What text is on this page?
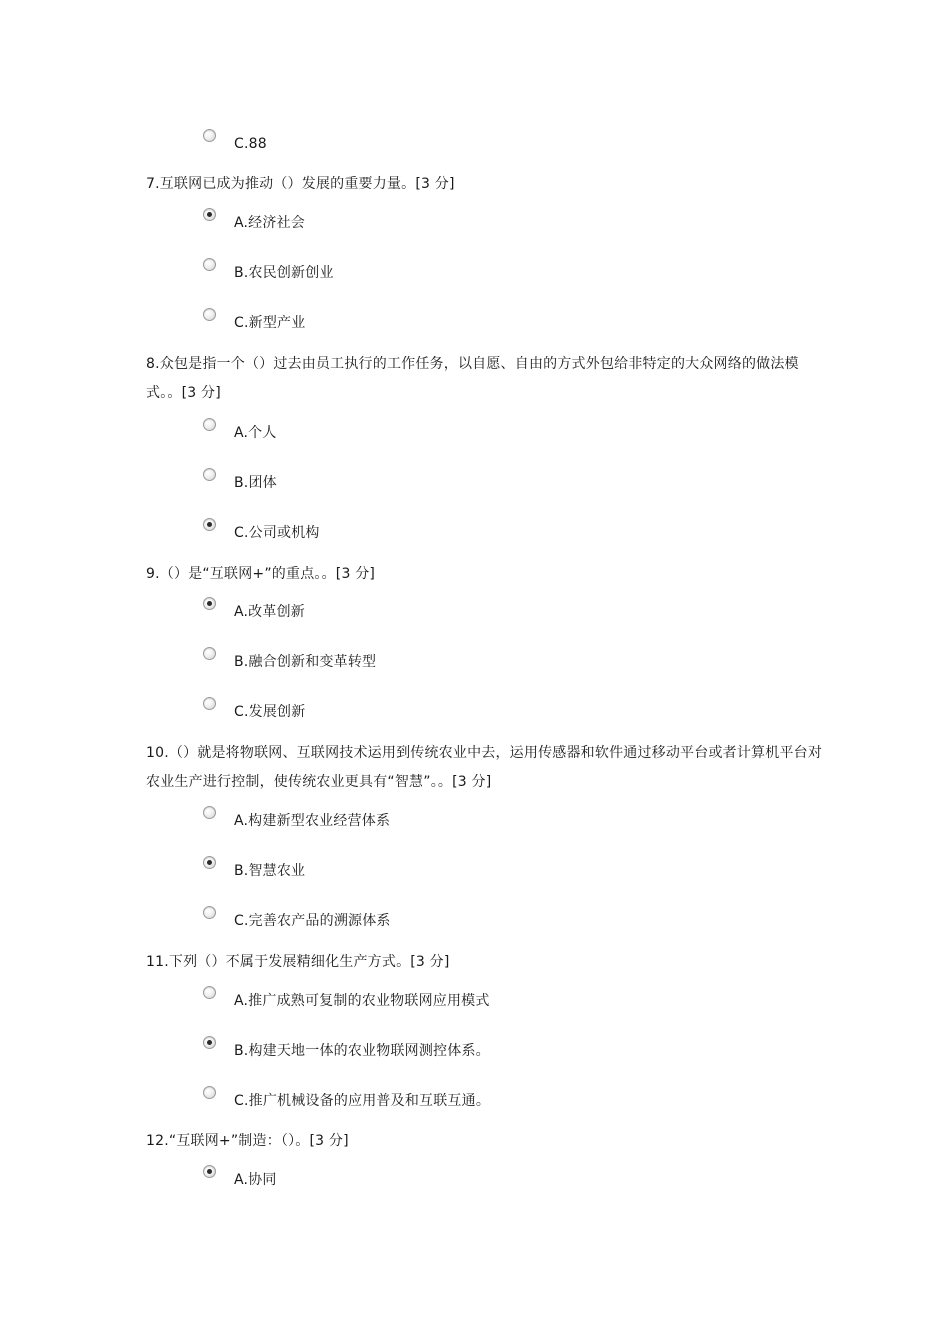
C.88
7.互联网已成为推动（）发展的重要力量。[3 分]
A.经济社会
B.农民创新创业
C.新型产业
8.众包是指一个（）过去由员工执行的工作任务，以自愿、自由的方式外包给非特定的大众网络的做法模式。。[3 分]
A.个人
B.团体
C.公司或机构
9.（）是“互联网+”的重点。。[3 分]
A.改革创新
B.融合创新和变革转型
C.发展创新
10.（）就是将物联网、互联网技术运用到传统农业中去，运用传感器和软件通过移动平台或者计算机平台对农业生产进行控制，使传统农业更具有“智慧”。。[3 分]
A.构建新型农业经营体系
B.智慧农业
C.完善农产品的溯源体系
11.下列（）不属于发展精细化生产方式。[3 分]
A.推广成熟可复制的农业物联网应用模式
B.构建天地一体的农业物联网测控体系。
C.推广机械设备的应用普及和互联互通。
12.“互联网+”制造：（）。[3 分]
A.协同
